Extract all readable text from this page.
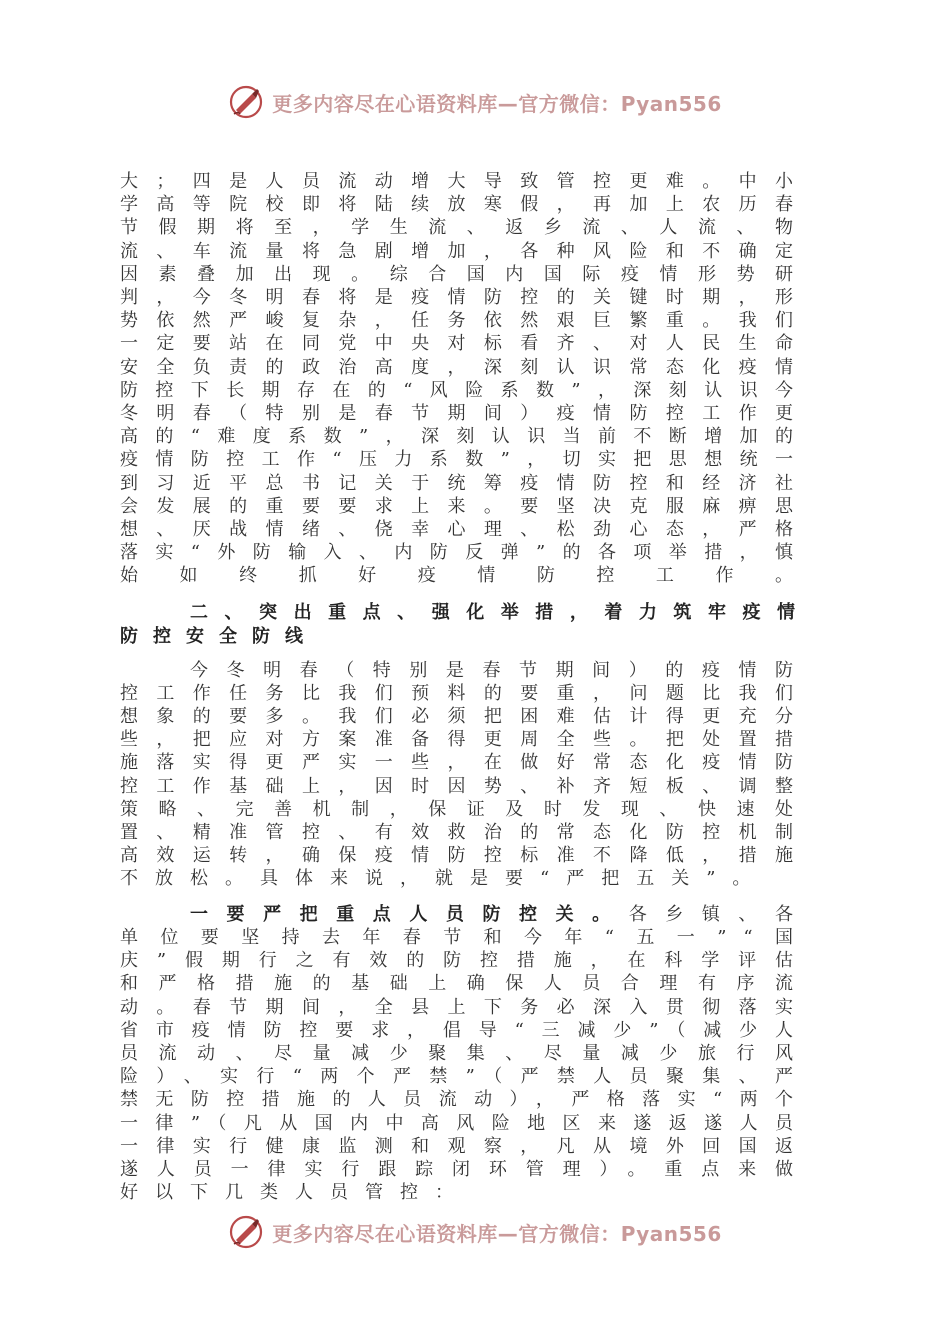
更多内容尽在心语资料库—官方微信：Pyan556

大；四是人员流动增大导致管控更难。中小学高等院校即将陆续放寒假，再加上农历春节假期将至，学生流、返乡流、人流、物流、车流量将急剧增加，各种风险和不确定因素叠加出现。综合国内国际疫情形势研判，今冬明春将是疫情防控的关键时期，形势依然严峻复杂，任务依然艰巨繁重。我们一定要站在同党中央对标看齐、对人民生命安全负责的政治高度，深刻认识常态化疫情防控下长期存在的“风险系数”，深刻认识今冬明春（特别是春节期间）疫情防控工作更高的“难度系数”，深刻认识当前不断增加的疫情防控工作“压力系数”，切实把思想统一到习近平总书记关于统筹疫情防控和经济社会发展的重要要求上来。要坚决克服麻痹思想、厌战情绪、侥幸心理、松劲心态，严格落实“外防输入、内防反弹”的各项举措，慎始如终抓好疫情防控工作。

二、突出重点、强化举措，着力筑牢疫情防控安全防线

今冬明春（特别是春节期间）的疫情防控工作任务比我们预料的要重，问题比我们想象的要多。我们必须把困难估计得更充分些，把应对方案准备得更周全些。把处置措施落实得更严实一些，在做好常态化疫情防控工作基础上，因时因势、补齐短板、调整策略、完善机制，保证及时发现、快速处置、精准管控、有效救治的常态化防控机制高效运转，确保疫情防控标准不降低，措施不放松。具体来说，就是要“严把五关”。

一要严把重点人员防控关。各乡镇、各单位要坚持去年春节和今年“五一”“国庆”假期行之有效的防控措施，在科学评估和严格措施的基础上确保人员合理有序流动。春节期间，全县上下务必深入贯彻落实省市疫情防控要求，倡导“三减少”（减少人员流动、尽量减少聚集、尽量减少旅行风险）、实行“两个严禁”（严禁人员聚集、严禁无防控措施的人员流动），严格落实“两个一律”（凡从国内中高风险地区来遂返遂人员一律实行健康监测和观察，凡从境外回国返遂人员一律实行跟踪闭环管理）。重点来做好以下几类人员管控：

更多内容尽在心语资料库—官方微信：Pyan556
